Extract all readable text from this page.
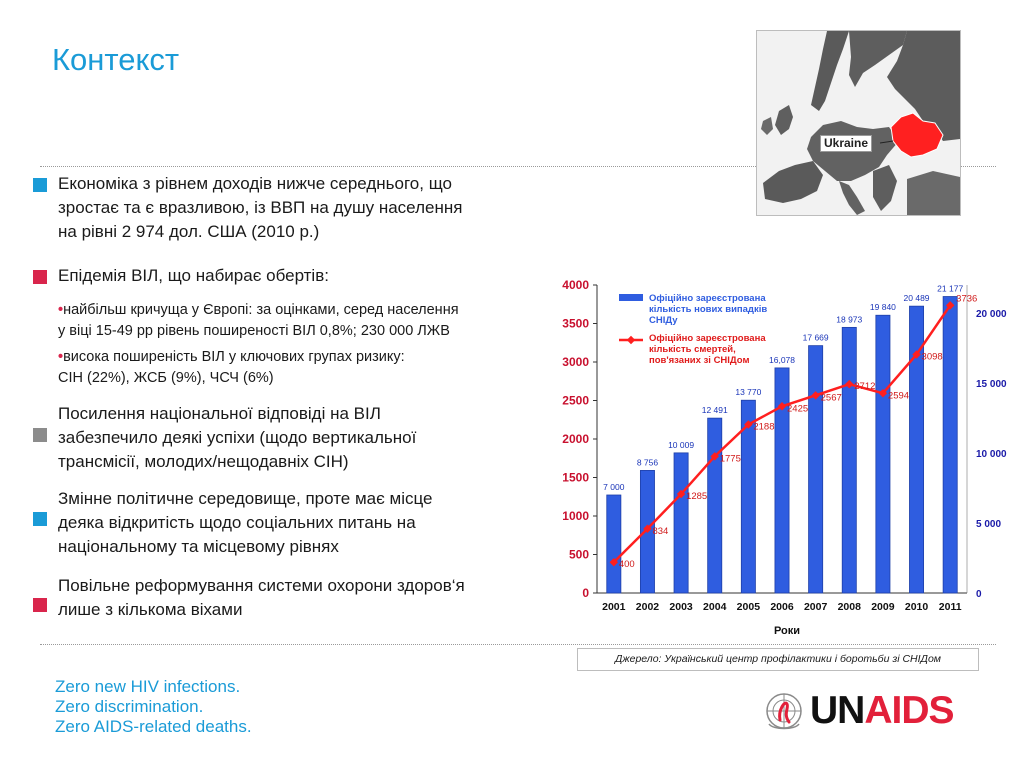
Контекст
Ukraine
Економіка з рівнем доходів нижче середнього, що
зростає та є вразливою, із ВВП на душу населення
на рівні 2 974 дол. США (2010 р.)
Епідемія ВІЛ, що набирає обертів:
•найбільш кричуща у Європі: за оцінками, серед населення
у віці 15-49 рр рівень поширеності ВІЛ 0,8%; 230 000 ЛЖВ
•висока поширеність ВІЛ у ключових групах ризику:
СІН (22%), ЖСБ (9%), ЧСЧ (6%)
Посилення національної відповіді на ВІЛ
забезпечило деякі успіхи (щодо вертикальної
трансмісії, молодих/нещодавніх СІН)
Змінне політичне середовище, проте має місце
деяка відкритість щодо соціальних питань на
національному та місцевому рівнях
Повільне реформування системи охорони здоров‘я
лише з кількома віхами
0
500
1000
1500
2000
2500
3000
3500
4000
0
5 000
10 000
15 000
20 000
2001 2002 2003 2004 2005 2006 2007 2008 2009 2010 2011
7 000
8 756
10 009
12 491
13 770
16,078
17 669
18 973
19 840
20 489
21 177
400
834
1285
1775
2188
2425
2567
2712
2594
3098
3736
Офіційно зареєстрована кількість нових випадків СНІДу
Офіційно зареєстрована кількість смертей, пов'язаних зі СНІДом
Роки
Джерело: Український центр профілактики і боротьби зі СНІДом
Zero new HIV infections.
Zero discrimination.
Zero AIDS-related deaths.	UNAIDS
